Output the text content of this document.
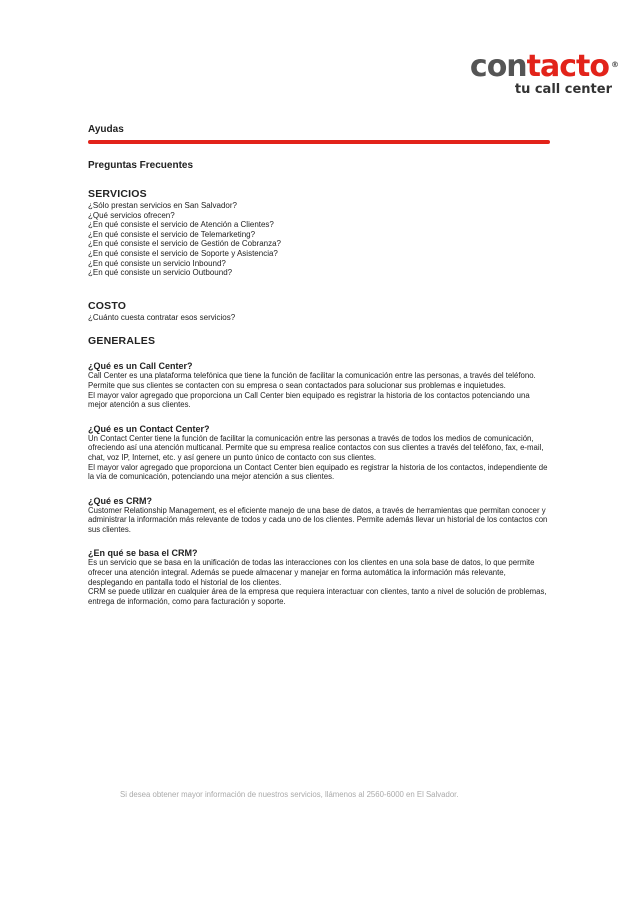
contacto ®
tu call center
Ayudas
Preguntas Frecuentes
SERVICIOS
¿Sólo prestan servicios en San Salvador?
¿Qué servicios ofrecen?
¿En qué consiste el servicio de Atención a Clientes?
¿En qué consiste el servicio de Telemarketing?
¿En qué consiste el servicio de Gestión de Cobranza?
¿En qué consiste el servicio de Soporte y Asistencia?
¿En qué consiste un servicio Inbound?
¿En qué consiste un servicio Outbound?
COSTO
¿Cuánto cuesta contratar esos servicios?
GENERALES
¿Qué es un Call Center?

Call Center es una plataforma telefónica que tiene la función de facilitar la comunicación entre las personas, a través del teléfono. Permite que sus clientes se contacten con su empresa o sean contactados para solucionar sus problemas e inquietudes.

El mayor valor agregado que proporciona un Call Center bien equipado es registrar la historia de los contactos potenciando una mejor atención a sus clientes.

¿Qué es un Contact Center?

Un Contact Center tiene la función de facilitar la comunicación entre las personas a través de todos los medios de comunicación, ofreciendo así una atención multicanal. Permite que su empresa realice contactos con sus clientes a través del teléfono, fax, e-mail, chat, voz IP, Internet, etc. y así genere un punto único de contacto con sus clientes.

El mayor valor agregado que proporciona un Contact Center bien equipado es registrar la historia de los contactos, independiente de la vía de comunicación, potenciando una mejor atención a sus clientes.

¿Qué es CRM?

Customer Relationship Management, es el eficiente manejo de una base de datos, a través de herramientas que permitan conocer y administrar la información más relevante de todos y cada uno de los clientes. Permite además llevar un historial de los contactos con sus clientes.

¿En qué se basa el CRM?

Es un servicio que se basa en la unificación de todas las interacciones con los clientes en una sola base de datos, lo que permite ofrecer una atención integral. Además se puede almacenar y manejar en forma automática la información más relevante, desplegando en pantalla todo el historial de los clientes.

CRM se puede utilizar en cualquier área de la empresa que requiera interactuar con clientes, tanto a nivel de solución de problemas, entrega de información, como para facturación y soporte.

Si desea obtener mayor información de nuestros servicios, llámenos al 2560-6000 en El Salvador.
